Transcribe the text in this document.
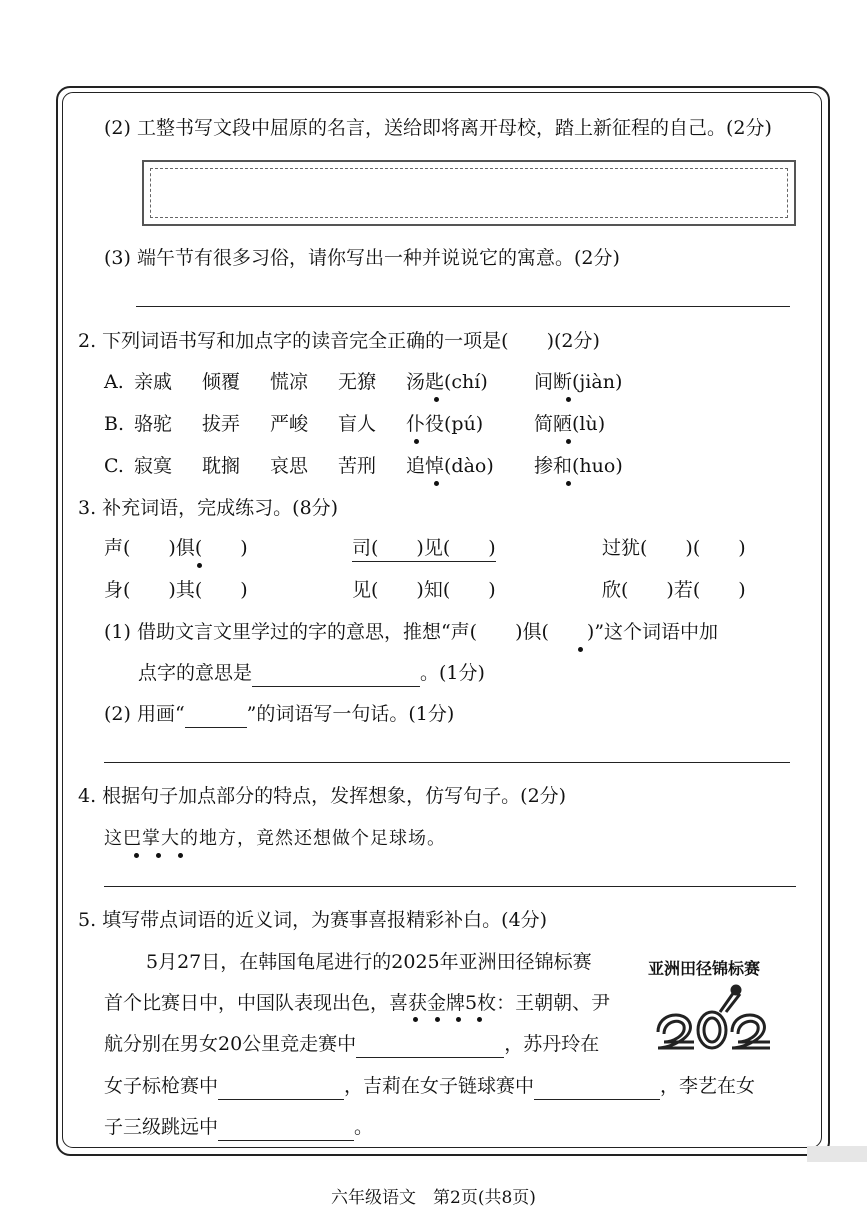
(2) 工整书写文段中屈原的名言，送给即将离开母校，踏上新征程的自己。(2分)
(3) 端午节有很多习俗，请你写出一种并说说它的寓意。(2分)
2. 下列词语书写和加点字的读音完全正确的一项是(　　)(2分)
A. 亲戚 倾覆 慌凉 无獠 汤匙(chí) 间断(jiàn)
B. 骆驼 拔弄 严峻 盲人 仆役(pú)	简陋(lù)
C. 寂寞 耽搁 哀思 苦刑 追悼(dào) 掺和(huo)
3. 补充词语，完成练习。(8分)
声(　　)俱(　　)	司(　　)见(　　)	过犹(　　)(　　)
身(　　)其(　　)	见(　　)知(　　)	欣(　　)若(　　)
(1) 借助文言文里学过的字的意思，推想“声(　　)俱(　　)”这个词语中加
点字的意思是	。(1分)
(2) 用画“	”的词语写一句话。(1分)
4. 根据句子加点部分的特点，发挥想象，仿写句子。(2分)
这巴掌大的地方，竟然还想做个足球场。
5. 填写带点词语的近义词，为赛事喜报精彩补白。(4分)
5月27日，在韩国龟尾进行的2025年亚洲田径锦标赛
首个比赛日中，中国队表现出色，喜获金牌5枚：王朝朝、尹
航分别在男女20公里竞走赛中	，苏丹玲在
女子标枪赛中	，吉莉在女子链球赛中	，李艺在女
子三级跳远中	。
亚洲田径锦标赛
六年级语文　第2页(共8页)
